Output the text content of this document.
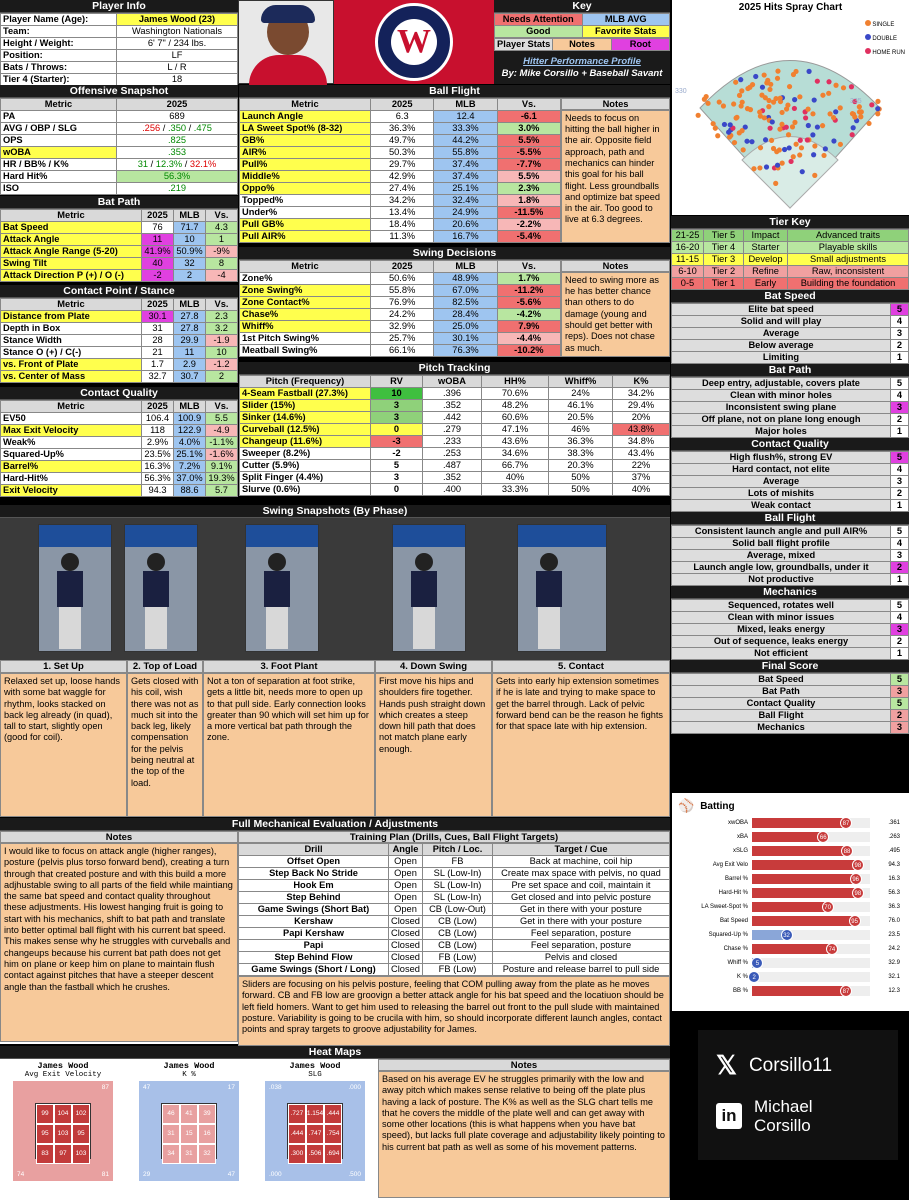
Player Info
Player Name (Age):	James Wood (23)
Team:	Washington Nationals
Height / Weight:	6' 7" / 234 lbs.
Position:	LF
Bats / Throws:	L / R
Tier 4 (Starter):	18
W
Key
Needs Attention	MLB AVG
Good	Favorite Stats
Player Stats	Notes	Root
Hitter Performance Profile
By: Mike Corsillo + Baseball Savant
2025 Hits Spray Chart
SINGLE
DOUBLE
HOME RUN
330
335
Offensive Snapshot
Metric	2025
PA	689
AVG / OBP / SLG	.256 / .350 / .475
OPS	.825
wOBA	.353
HR / BB% / K%	31 / 12.3% / 32.1%
Hard Hit%	56.3%
ISO	.219
Bat Path
Metric	2025	MLB	Vs.
Bat Speed	76	71.7	4.3
Attack Angle	11	10	1
Attack Angle Range (5-20)	41.9%	50.9%	-9%
Swing Tilt	40	32	8
Attack Direction P (+) / O (-)	-2	2	-4
Contact Point / Stance
Metric	2025	MLB	Vs.
Distance from Plate	30.1	27.8	2.3
Depth in Box	31	27.8	3.2
Stance Width	28	29.9	-1.9
Stance O (+) / C(-)	21	11	10
vs. Front of Plate	1.7	2.9	-1.2
vs. Center of Mass	32.7	30.7	2
Contact Quality
Metric	2025	MLB	Vs.
EV50	106.4	100.9	5.5
Max Exit Velocity	118	122.9	-4.9
Weak%	2.9%	4.0%	-1.1%
Squared-Up%	23.5%	25.1%	-1.6%
Barrel%	16.3%	7.2%	9.1%
Hard-Hit%	56.3%	37.0%	19.3%
Exit Velocity	94.3	88.6	5.7
Ball Flight
Metric	2025	MLB	Vs.
Launch Angle	6.3	12.4	-6.1
LA Sweet Spot% (8-32)	36.3%	33.3%	3.0%
GB%	49.7%	44.2%	5.5%
AIR%	50.3%	55.8%	-5.5%
Pull%	29.7%	37.4%	-7.7%
Middle%	42.9%	37.4%	5.5%
Oppo%	27.4%	25.1%	2.3%
Topped%	34.2%	32.4%	1.8%
Under%	13.4%	24.9%	-11.5%
Pull GB%	18.4%	20.6%	-2.2%
Pull AIR%	11.3%	16.7%	-5.4%
Notes
Needs to focus on hitting the ball higher in the air. Opposite field approach, path and mechanics can hinder this goal for his ball flight. Less groundballs and optimize bat speed in the air. Too good to live at 6.3 degrees.
Swing Decisions
Metric	2025	MLB	Vs.
Zone%	50.6%	48.9%	1.7%
Zone Swing%	55.8%	67.0%	-11.2%
Zone Contact%	76.9%	82.5%	-5.6%
Chase%	24.2%	28.4%	-4.2%
Whiff%	32.9%	25.0%	7.9%
1st Pitch Swing%	25.7%	30.1%	-4.4%
Meatball Swing%	66.1%	76.3%	-10.2%
Notes
Need to swing more as he has better chance than others to do damage (young and should get better with reps). Does not chase as much.
Pitch Tracking
Pitch (Frequency)	RV	wOBA	HH%	Whiff%	K%
4-Seam Fastball (27.3%)	10	.396	70.6%	24%	34.2%
Slider (15%)	3	.352	48.2%	46.1%	29.4%
Sinker (14.6%)	3	.442	60.6%	20.5%	20%
Curveball (12.5%)	0	.279	47.1%	46%	43.8%
Changeup (11.6%)	-3	.233	43.6%	36.3%	34.8%
Sweeper (8.2%)	-2	.253	34.6%	38.3%	43.4%
Cutter (5.9%)	5	.487	66.7%	20.3%	22%
Split Finger (4.4%)	3	.352	40%	50%	37%
Slurve (0.6%)	0	.400	33.3%	50%	40%
Tier Key
21-25	Tier 5	Impact	Advanced traits
16-20	Tier 4	Starter	Playable skills
11-15	Tier 3	Develop	Small adjustments
6-10	Tier 2	Refine	Raw, inconsistent
0-5	Tier 1	Early	Building the foundation
Bat Speed
Elite bat speed	5
Solid and will play	4
Average	3
Below average	2
Limiting	1
Bat Path
Deep entry, adjustable, covers plate	5
Clean with minor holes	4
Inconsistent swing plane	3
Off plane, not on plane long enough	2
Major holes	1
Contact Quality
High flush%, strong EV	5
Hard contact, not elite	4
Average	3
Lots of mishits	2
Weak contact	1
Ball Flight
Consistent launch angle and pull AIR%	5
Solid ball flight profile	4
Average, mixed	3
Launch angle low, groundballs, under it	2
Not productive	1
Mechanics
Sequenced, rotates well	5
Clean with minor issues	4
Mixed, leaks energy	3
Out of sequence, leaks energy	2
Not efficient	1
Final Score
Bat Speed	5
Bat Path	3
Contact Quality	5
Ball Flight	2
Mechanics	3
Swing Snapshots (By Phase)
1. Set Up
Relaxed set up, loose hands with some bat waggle for rhythm, looks stacked on back leg already (in quad), tall to start, slightly open (good for coil).
2. Top of Load
Gets closed with his coil, wish there was not as much sit into the back leg, likely compensation for the pelvis being neutral at the top of the load.
3. Foot Plant
Not a ton of separation at foot strike, gets a little bit, needs more to open up to that pull side. Early connection looks greater than 90 which will set him up for a more vertical bat path through the zone.
4. Down Swing
First move his hips and shoulders fire together. Hands push straight down which creates a steep down hill path that does not match plane early enough.
5. Contact
Gets into early hip extension sometimes if he is late and trying to make space to get the barrel through. Lack of pelvic forward bend can be the reason he fights for that space late with hip extension.
⚾ Batting
xwOBA	87	.361
xBA	66	.263
xSLG	88	.495
Avg Exit Velo	98	94.3
Barrel %	96	16.3
Hard-Hit %	98	56.3
LA Sweet-Spot %	70	36.3
Bat Speed	95	76.0
Squared-Up %	32	23.5
Chase %	74	24.2
Whiff %	5	32.9
K % 2	32.1
BB %	87	12.3
Full Mechanical Evaluation / Adjustments
Notes
I would like to focus on attack angle (higher ranges), posture (pelvis plus torso forward bend), creating a turn through that created posture and with this build a more adjhustable swing to all parts of the field while maintiang the same bat speed and contact quality throughout these adjustments. His lowest hanging fruit is going to start with his mechanics, shift to bat path and translate into better optimal ball flight with his current bat speed. This makes sense why he struggles with curveballs and changeups because his current bat path does not get him on plane or keep him on plane to maintain flush contact against pitches that have a steeper descent angle than the fastball which he crushes.
Training Plan (Drills, Cues, Ball Flight Targets)
Drill	Angle	Pitch / Loc.	Target / Cue
Offset Open	Open	FB	Back at machine, coil hip
Step Back No Stride	Open	SL (Low-In)	Create max space with pelvis, no quad
Hook Em	Open	SL (Low-In)	Pre set space and coil, maintain it
Step Behind	Open	SL (Low-In)	Get closed and into pelvic posture
Game Swings (Short Bat)	Open	CB (Low-Out)	Get in there with your posture
Kershaw	Closed	CB (Low)	Get in there with your posture
Papi Kershaw	Closed	CB (Low)	Feel separation, posture
Papi	Closed	CB (Low)	Feel separation, posture
Step Behind Flow	Closed	FB (Low)	Pelvis and closed
Game Swings (Short / Long)	Closed	FB (Low)	Posture and release barrel to pull side
Sliders are focusing on his pelvis posture, feeling that COM pulling away from the plate as he moves forward. CB and FB low are groovign a better attack angle for his bat speed and the locatiuon should be left field homers. Want to get him used to releasing the barrel out front to the pull slude with maintained posture. Variability is going to be crucila with him, so should incorporate different launch angles, contact points and spray targets to groove adjustability for James.
𝕏 Corsillo11
in	Michael Corsillo
Heat Maps
James Wood
Avg Exit Velocity
99	104	102
95	103	95
83	97	103
87
74	81
James Wood
K %
46	41	39
31	15	16
34	31	32
17
29	47
47
James Wood
SLG
.727 1.154 .444
.444 .747 .754
.300 .506 .694
.000
.000	.500
.038
Notes
Based on his average EV he struggles primarily with the low and away pitch which makes sense relative to being off the plate plus having a lack of posture. The K% as well as the SLG chart tells me that he covers the middle of the plate well and can get away with some other locations (this is what happens when you have bat speed), but lacks full plate coverage and adjustability likely pointing to his current bat path as well as some of his movement patterns.
